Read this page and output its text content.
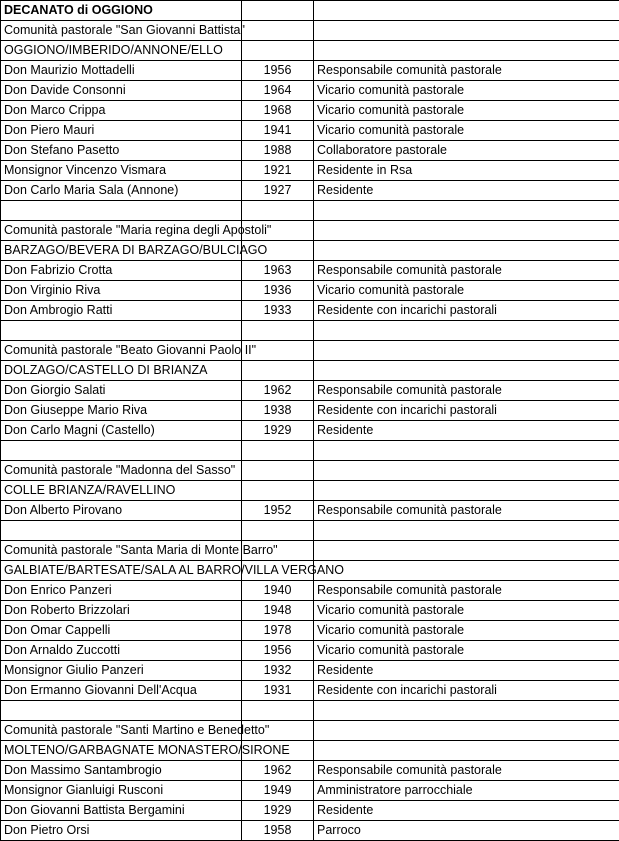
DECANATO di OGGIONO		
Comunità pastorale "San Giovanni Battista"		
OGGIONO/IMBERIDO/ANNONE/ELLO		
Don Maurizio Mottadelli	1956	Responsabile comunità pastorale
Don Davide Consonni	1964	Vicario comunità pastorale
Don Marco Crippa	1968	Vicario comunità pastorale
Don Piero Mauri	1941	Vicario comunità pastorale
Don Stefano Pasetto	1988	Collaboratore pastorale
Monsignor Vincenzo Vismara	1921	Residente in Rsa
Don Carlo Maria Sala (Annone)	1927	Residente

Comunità pastorale "Maria regina degli Apostoli"		
BARZAGO/BEVERA DI BARZAGO/BULCIAGO		
Don Fabrizio Crotta	1963	Responsabile comunità pastorale
Don Virginio Riva	1936	Vicario comunità pastorale
Don Ambrogio Ratti	1933	Residente con incarichi pastorali

Comunità pastorale "Beato Giovanni Paolo II"		
DOLZAGO/CASTELLO DI BRIANZA		
Don Giorgio Salati	1962	Responsabile comunità pastorale
Don Giuseppe Mario Riva	1938	Residente con incarichi pastorali
Don Carlo Magni (Castello)	1929	Residente

Comunità pastorale "Madonna del Sasso"		
COLLE BRIANZA/RAVELLINO		
Don Alberto Pirovano	1952	Responsabile comunità pastorale

Comunità pastorale "Santa Maria di Monte Barro"		
GALBIATE/BARTESATE/SALA AL BARRO/VILLA VERGANO		
Don Enrico Panzeri	1940	Responsabile comunità pastorale
Don Roberto Brizzolari	1948	Vicario comunità pastorale
Don Omar Cappelli	1978	Vicario comunità pastorale
Don Arnaldo Zuccotti	1956	Vicario comunità pastorale
Monsignor Giulio Panzeri	1932	Residente
Don Ermanno Giovanni Dell'Acqua	1931	Residente con incarichi pastorali

Comunità pastorale "Santi Martino e Benedetto"		
MOLTENO/GARBAGNATE MONASTERO/SIRONE		
Don Massimo Santambrogio	1962	Responsabile comunità pastorale
Monsignor Gianluigi Rusconi	1949	Amministratore parrocchiale
Don Giovanni Battista Bergamini	1929	Residente
Don Pietro Orsi	1958	Parroco
